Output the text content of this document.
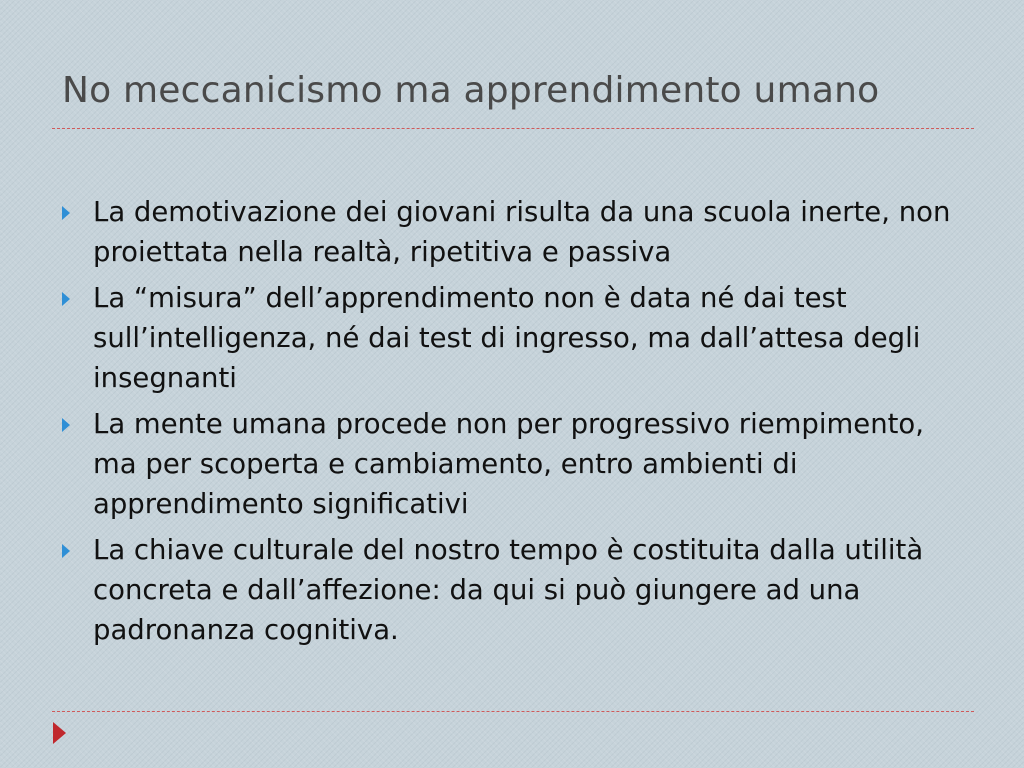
No meccanicismo ma apprendimento umano
La demotivazione dei giovani risulta da una scuola inerte, non proiettata nella realtà, ripetitiva e passiva
La “misura” dell’apprendimento non è data né dai test sull’intelligenza, né dai test di ingresso, ma dall’attesa degli insegnanti
La mente umana procede non per progressivo riempimento, ma per scoperta e cambiamento, entro ambienti di apprendimento significativi
La chiave culturale del nostro tempo è costituita dalla utilità concreta e dall’affezione: da qui si può giungere ad una padronanza cognitiva.
